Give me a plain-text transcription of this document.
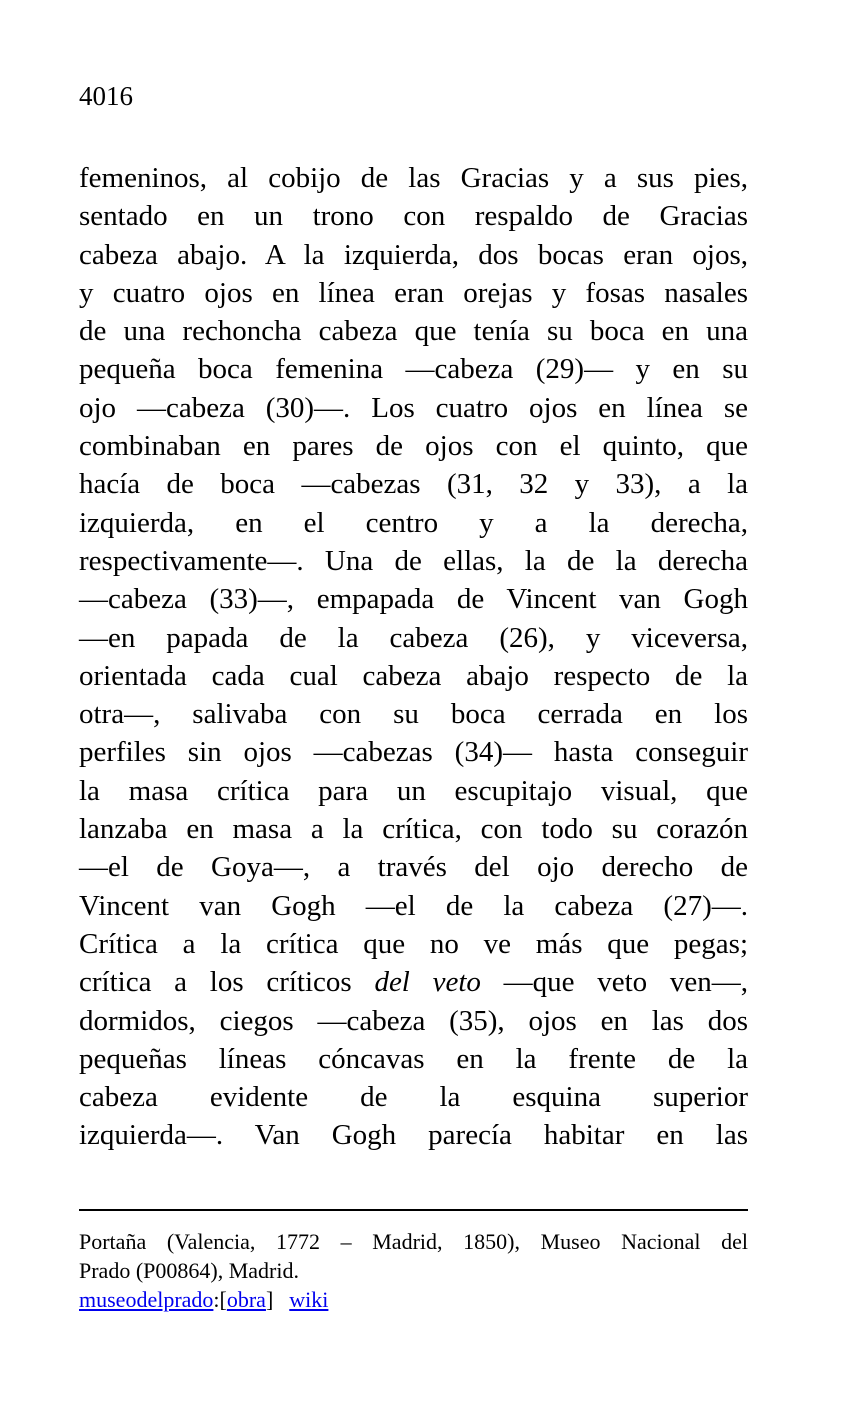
4016
femeninos, al cobijo de las Gracias y a sus pies,
sentado en un trono con respaldo de Gracias
cabeza abajo. A la izquierda, dos bocas eran ojos,
y cuatro ojos en línea eran orejas y fosas nasales
de una rechoncha cabeza que tenía su boca en una
pequeña boca femenina —cabeza (29)— y en su
ojo —cabeza (30)—. Los cuatro ojos en línea se
combinaban en pares de ojos con el quinto, que
hacía de boca —cabezas (31, 32 y 33), a la
izquierda, en el centro y a la derecha,
respectivamente—. Una de ellas, la de la derecha
—cabeza (33)—, empapada de Vincent van Gogh
—en papada de la cabeza (26), y viceversa,
orientada cada cual cabeza abajo respecto de la
otra—, salivaba con su boca cerrada en los
perfiles sin ojos —cabezas (34)— hasta conseguir
la masa crítica para un escupitajo visual, que
lanzaba en masa a la crítica, con todo su corazón
—el de Goya—, a través del ojo derecho de
Vincent van Gogh —el de la cabeza (27)—.
Crítica a la crítica que no ve más que pegas;
crítica a los críticos del veto —que veto ven—,
dormidos, ciegos —cabeza (35), ojos en las dos
pequeñas líneas cóncavas en la frente de la
cabeza evidente de la esquina superior
izquierda—. Van Gogh parecía habitar en las
Portaña (Valencia, 1772 – Madrid, 1850), Museo Nacional del
Prado (P00864), Madrid.
museodelprado:[obra] wiki
